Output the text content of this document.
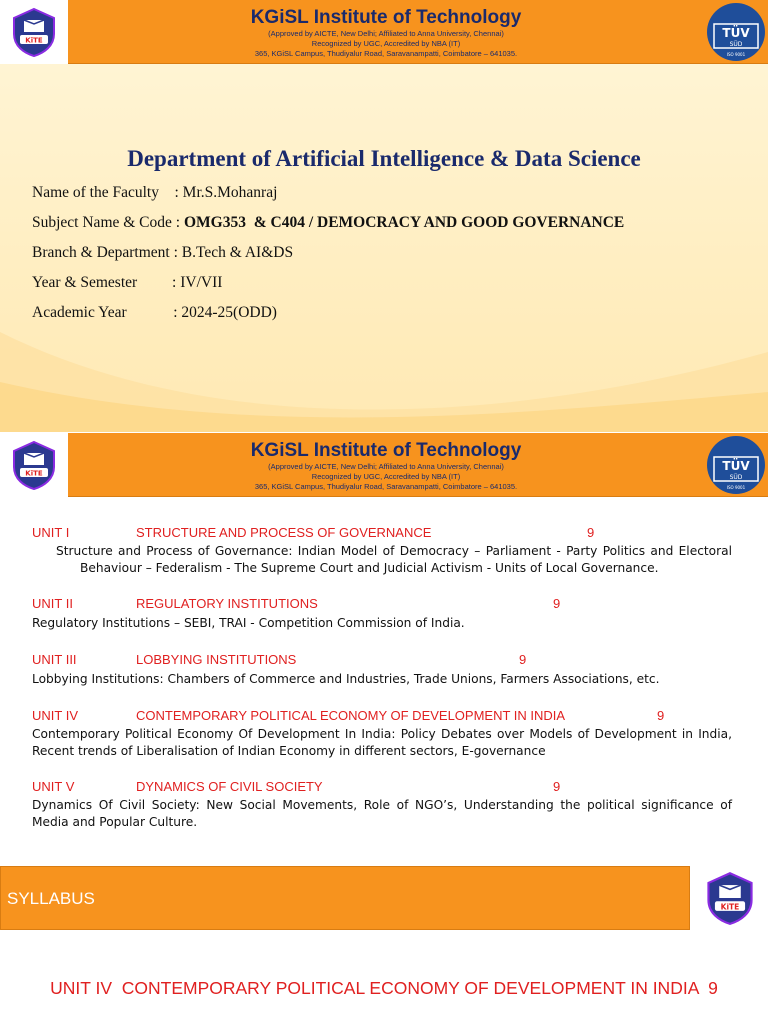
KiTE
KGiSL Institute of Technology
(Approved by AICTE, New Delhi; Affiliated to Anna University, Chennai)
Recognized by UGC, Accredited by NBA (IT)
365, KGiSL Campus, Thudiyalur Road, Saravanampatti, Coimbatore – 641035.
TÜV
SÜD
ISO 9001
Department of Artificial Intelligence & Data Science
Name of the Faculty    : Mr.S.Mohanraj
Subject Name & Code : OMG353  & C404 / DEMOCRACY AND GOOD GOVERNANCE
Branch & Department : B.Tech & AI&DS
Year & Semester         : IV/VII
Academic Year            : 2024-25(ODD)
KiTE
KGiSL Institute of Technology
(Approved by AICTE, New Delhi; Affiliated to Anna University, Chennai)
Recognized by UGC, Accredited by NBA (IT)
365, KGiSL Campus, Thudiyalur Road, Saravanampatti, Coimbatore – 641035.
TÜV
SÜD
ISO 9001
UNIT I	STRUCTURE AND PROCESS OF GOVERNANCE	9
Structure and Process of Governance: Indian Model of Democracy – Parliament - Party Politics and Electoral Behaviour – Federalism - The Supreme Court and Judicial Activism - Units of Local Governance.
UNIT II	REGULATORY INSTITUTIONS	9
Regulatory Institutions – SEBI, TRAI - Competition Commission of India.
UNIT III	LOBBYING INSTITUTIONS	9
Lobbying Institutions: Chambers of Commerce and Industries, Trade Unions, Farmers Associations, etc.
UNIT IV	CONTEMPORARY POLITICAL ECONOMY OF DEVELOPMENT IN INDIA	9
Contemporary Political Economy Of Development In India: Policy Debates over Models of Development in India, Recent trends of Liberalisation of Indian Economy in different sectors, E-governance
UNIT V	DYNAMICS OF CIVIL SOCIETY	9
Dynamics Of Civil Society: New Social Movements, Role of NGO’s, Understanding the political significance of Media and Popular Culture.
SYLLABUS	KiTE
UNIT IV  CONTEMPORARY POLITICAL ECONOMY OF DEVELOPMENT IN INDIA  9
